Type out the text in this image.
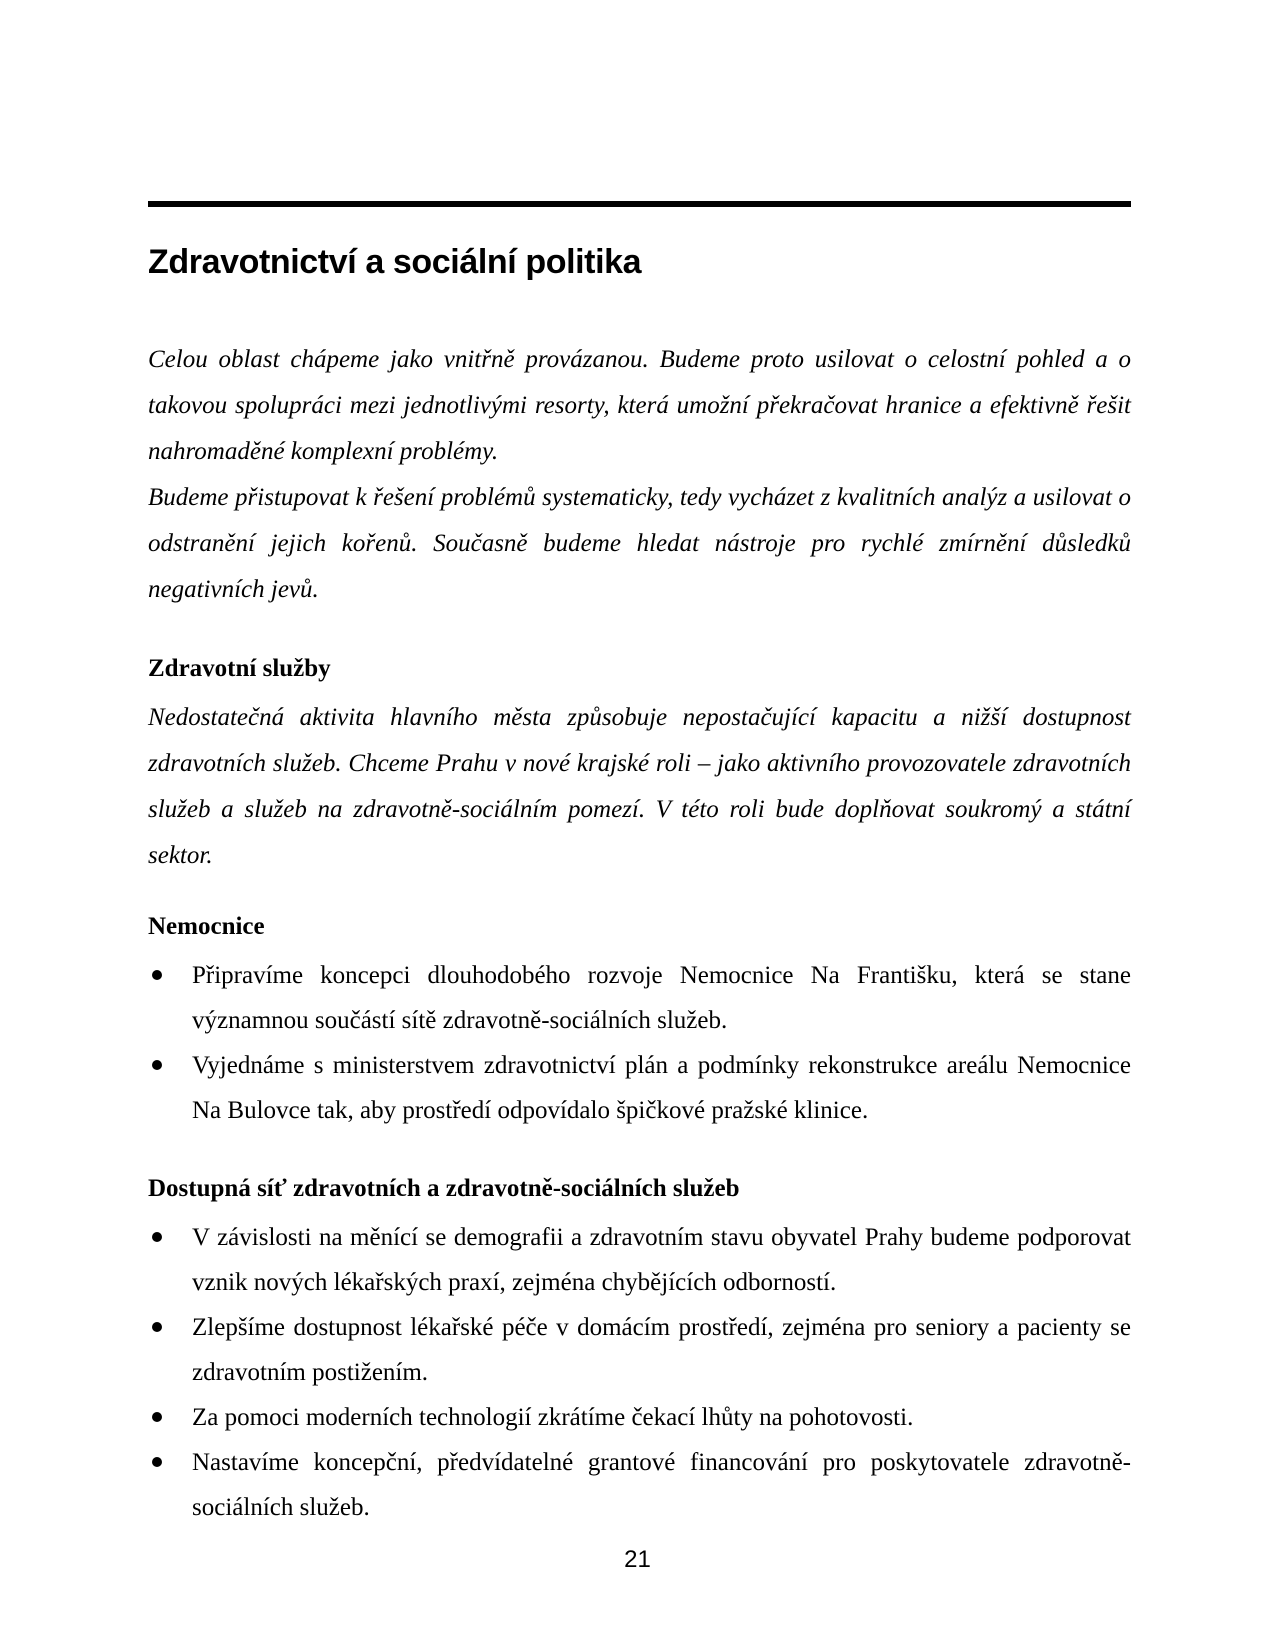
Zdravotnictví a sociální politika

Celou oblast chápeme jako vnitřně provázanou. Budeme proto usilovat o celostní pohled a o takovou spolupráci mezi jednotlivými resorty, která umožní překračovat hranice a efektivně řešit nahromaděné komplexní problémy.

Budeme přistupovat k řešení problémů systematicky, tedy vycházet z kvalitních analýz a usilovat o odstranění jejich kořenů. Současně budeme hledat nástroje pro rychlé zmírnění důsledků negativních jevů.

Zdravotní služby

Nedostatečná aktivita hlavního města způsobuje nepostačující kapacitu a nižší dostupnost zdravotních služeb. Chceme Prahu v nové krajské roli – jako aktivního provozovatele zdravotních služeb a služeb na zdravotně-sociálním pomezí. V této roli bude doplňovat soukromý a státní sektor.

Nemocnice
Připravíme koncepci dlouhodobého rozvoje Nemocnice Na Františku, která se stane významnou součástí sítě zdravotně-sociálních služeb.
Vyjednáme s ministerstvem zdravotnictví plán a podmínky rekonstrukce areálu Nemocnice Na Bulovce tak, aby prostředí odpovídalo špičkové pražské klinice.
Dostupná síť zdravotních a zdravotně-sociálních služeb
V závislosti na měnící se demografii a zdravotním stavu obyvatel Prahy budeme podporovat vznik nových lékařských praxí, zejména chybějících odborností.
Zlepšíme dostupnost lékařské péče v domácím prostředí, zejména pro seniory a pacienty se zdravotním postižením.
Za pomoci moderních technologií zkrátíme čekací lhůty na pohotovosti.
Nastavíme koncepční, předvídatelné grantové financování pro poskytovatele zdravotně-sociálních služeb.
21
